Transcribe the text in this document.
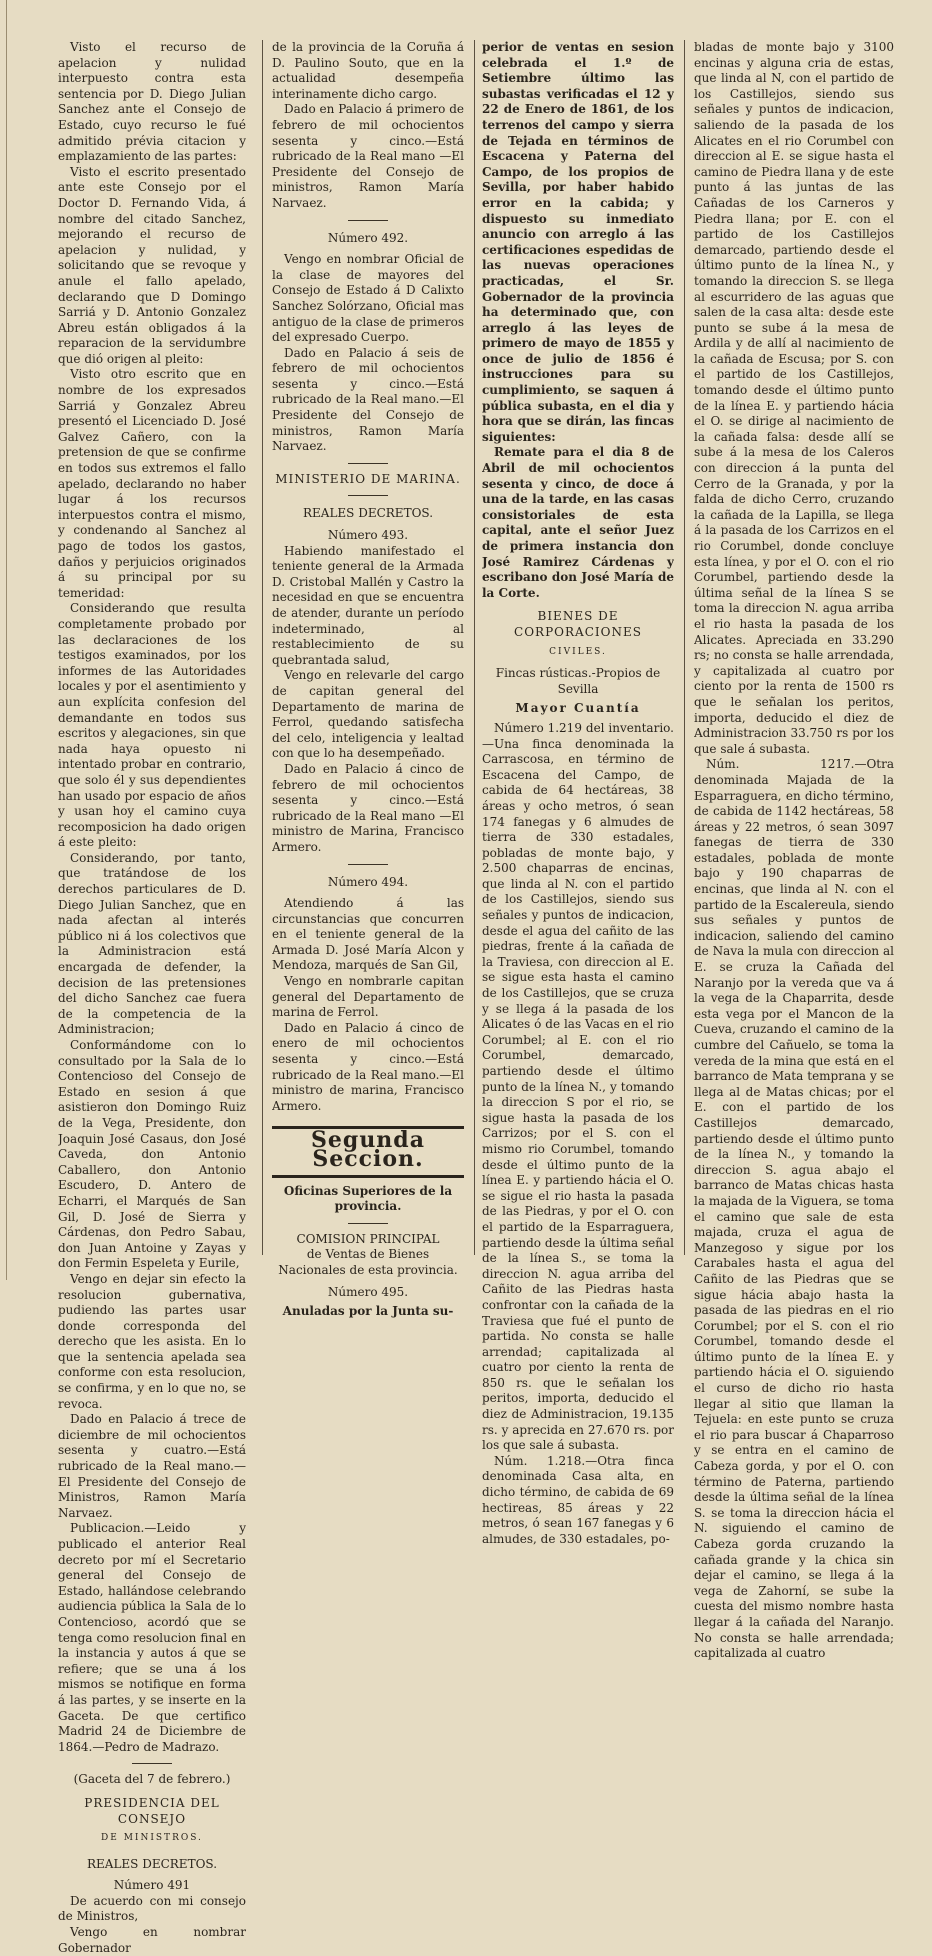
Visto el recurso de apelacion y nulidad interpuesto contra esta sentencia por D. Diego Julian Sanchez ante el Consejo de Estado, cuyo recurso le fué admitido prévia citacion y emplazamiento de las partes:

Visto el escrito presentado ante este Consejo por el Doctor D. Fernando Vida, á nombre del citado Sanchez, mejorando el recurso de apelacion y nulidad, y solicitando que se revoque y anule el fallo apelado, declarando que D Domingo Sarriá y D. Antonio Gonzalez Abreu están obligados á la reparacion de la servidumbre que dió origen al pleito:

Visto otro escrito que en nombre de los expresados Sarriá y Gonzalez Abreu presentó el Licenciado D. José Galvez Cañero, con la pretension de que se confirme en todos sus extremos el fallo apelado, declarando no haber lugar á los recursos interpuestos contra el mismo, y condenando al Sanchez al pago de todos los gastos, daños y perjuicios originados á su principal por su temeridad:

Considerando que resulta completamente probado por las declaraciones de los testigos examinados, por los informes de las Autoridades locales y por el asentimiento y aun explícita confesion del demandante en todos sus escritos y alegaciones, sin que nada haya opuesto ni intentado probar en contrario, que solo él y sus dependientes han usado por espacio de años y usan hoy el camino cuya recomposicion ha dado origen á este pleito:

Considerando, por tanto, que tratándose de los derechos particulares de D. Diego Julian Sanchez, que en nada afectan al interés público ni á los colectivos que la Administracion está encargada de defender, la decision de las pretensiones del dicho Sanchez cae fuera de la competencia de la Administracion;

Conformándome con lo consultado por la Sala de lo Contencioso del Consejo de Estado en sesion á que asistieron don Domingo Ruiz de la Vega, Presidente, don Joaquin José Casaus, don José Caveda, don Antonio Caballero, don Antonio Escudero, D. Antero de Echarri, el Marqués de San Gil, D. José de Sierra y Cárdenas, don Pedro Sabau, don Juan Antoine y Zayas y don Fermin Espeleta y Eurile,

Vengo en dejar sin efecto la resolucion gubernativa, pudiendo las partes usar donde corresponda del derecho que les asista. En lo que la sentencia apelada sea conforme con esta resolucion, se confirma, y en lo que no, se revoca.

Dado en Palacio á trece de diciembre de mil ochocientos sesenta y cuatro.—Está rubricado de la Real mano.—El Presidente del Consejo de Ministros, Ramon María Narvaez.

Publicacion.—Leido y publicado el anterior Real decreto por mí el Secretario general del Consejo de Estado, hallándose celebrando audiencia pública la Sala de lo Contencioso, acordó que se tenga como resolucion final en la instancia y autos á que se refiere; que se una á los mismos se notifique en forma á las partes, y se inserte en la Gaceta. De que certifico Madrid 24 de Diciembre de 1864.—Pedro de Madrazo.

(Gaceta del 7 de febrero.)

PRESIDENCIA DEL CONSEJO

DE MINISTROS.

REALES DECRETOS.

Número 491

De acuerdo con mi consejo de Ministros,

Vengo en nombrar Gobernador

de la provincia de la Coruña á D. Paulino Souto, que en la actualidad desempeña interinamente dicho cargo.

Dado en Palacio á primero de febrero de mil ochocientos sesenta y cinco.—Está rubricado de la Real mano —El Presidente del Consejo de ministros, Ramon María Narvaez.

Número 492.

Vengo en nombrar Oficial de la clase de mayores del Consejo de Estado á D Calixto Sanchez Solórzano, Oficial mas antiguo de la clase de primeros del expresado Cuerpo.

Dado en Palacio á seis de febrero de mil ochocientos sesenta y cinco.—Está rubricado de la Real mano.—El Presidente del Consejo de ministros, Ramon María Narvaez.

MINISTERIO DE MARINA.

REALES DECRETOS.

Número 493.

Habiendo manifestado el teniente general de la Armada D. Cristobal Mallén y Castro la necesidad en que se encuentra de atender, durante un período indeterminado, al restablecimiento de su quebrantada salud,

Vengo en relevarle del cargo de capitan general del Departamento de marina de Ferrol, quedando satisfecha del celo, inteligencia y lealtad con que lo ha desempeñado.

Dado en Palacio á cinco de febrero de mil ochocientos sesenta y cinco.—Está rubricado de la Real mano —El ministro de Marina, Francisco Armero.

Número 494.

Atendiendo á las circunstancias que concurren en el teniente general de la Armada D. José María Alcon y Mendoza, marqués de San Gil,

Vengo en nombrarle capitan general del Departamento de marina de Ferrol.

Dado en Palacio á cinco de enero de mil ochocientos sesenta y cinco.—Está rubricado de la Real mano.—El ministro de marina, Francisco Armero.

Segunda Seccion.

Oficinas Superiores de la provincia.

COMISION PRINCIPAL

de Ventas de Bienes Nacionales de esta provincia.

Número 495.

Anuladas por la Junta su-

perior de ventas en sesion celebrada el 1.º de Setiembre último las subastas verificadas el 12 y 22 de Enero de 1861, de los terrenos del campo y sierra de Tejada en términos de Escacena y Paterna del Campo, de los propios de Sevilla, por haber habido error en la cabida; y dispuesto su inmediato anuncio con arreglo á las certificaciones espedidas de las nuevas operaciones practicadas, el Sr. Gobernador de la provincia ha determinado que, con arreglo á las leyes de primero de mayo de 1855 y once de julio de 1856 é instrucciones para su cumplimiento, se saquen á pública subasta, en el dia y hora que se dirán, las fincas siguientes:

Remate para el dia 8 de Abril de mil ochocientos sesenta y cinco, de doce á una de la tarde, en las casas consistoriales de esta capital, ante el señor Juez de primera instancia don José Ramirez Cárdenas y escribano don José María de la Corte.

BIENES DE CORPORACIONES

CIVILES.

Fincas rústicas.-Propios de Sevilla

Mayor Cuantía

Número 1.219 del inventario.—Una finca denominada la Carrascosa, en término de Escacena del Campo, de cabida de 64 hectáreas, 38 áreas y ocho metros, ó sean 174 fanegas y 6 almudes de tierra de 330 estadales, pobladas de monte bajo, y 2.500 chaparras de encinas, que linda al N. con el partido de los Castillejos, siendo sus señales y puntos de indicacion, desde el agua del cañito de las piedras, frente á la cañada de la Traviesa, con direccion al E. se sigue esta hasta el camino de los Castillejos, que se cruza y se llega á la pasada de los Alicates ó de las Vacas en el rio Corumbel; al E. con el rio Corumbel, demarcado, partiendo desde el último punto de la línea N., y tomando la direccion S por el rio, se sigue hasta la pasada de los Carrizos; por el S. con el mismo rio Corumbel, tomando desde el último punto de la línea E. y partiendo hácia el O. se sigue el rio hasta la pasada de las Piedras, y por el O. con el partido de la Esparraguera, partiendo desde la última señal de la línea S., se toma la direccion N. agua arriba del Cañito de las Piedras hasta confrontar con la cañada de la Traviesa que fué el punto de partida. No consta se halle arrendad; capitalizada al cuatro por ciento la renta de 850 rs. que le señalan los peritos, importa, deducido el diez de Administracion, 19.135 rs. y aprecida en 27.670 rs. por los que sale á subasta.

Núm. 1.218.—Otra finca denominada Casa alta, en dicho término, de cabida de 69 hectireas, 85 áreas y 22 metros, ó sean 167 fanegas y 6 almudes, de 330 estadales, po-

bladas de monte bajo y 3100 encinas y alguna cria de estas, que linda al N, con el partido de los Castillejos, siendo sus señales y puntos de indicacion, saliendo de la pasada de los Alicates en el rio Corumbel con direccion al E. se sigue hasta el camino de Piedra llana y de este punto á las juntas de las Cañadas de los Carneros y Piedra llana; por E. con el partido de los Castillejos demarcado, partiendo desde el último punto de la línea N., y tomando la direccion S. se llega al escurridero de las aguas que salen de la casa alta: desde este punto se sube á la mesa de Ardila y de allí al nacimiento de la cañada de Escusa; por S. con el partido de los Castillejos, tomando desde el último punto de la línea E. y partiendo hácia el O. se dirige al nacimiento de la cañada falsa: desde allí se sube á la mesa de los Caleros con direccion á la punta del Cerro de la Granada, y por la falda de dicho Cerro, cruzando la cañada de la Lapilla, se llega á la pasada de los Carrizos en el rio Corumbel, donde concluye esta línea, y por el O. con el rio Corumbel, partiendo desde la última señal de la línea S se toma la direccion N. agua arriba el rio hasta la pasada de los Alicates. Apreciada en 33.290 rs; no consta se halle arrendada, y capitalizada al cuatro por ciento por la renta de 1500 rs que le señalan los peritos, importa, deducido el diez de Administracion 33.750 rs por los que sale á subasta.

Núm. 1217.—Otra denominada Majada de la Esparraguera, en dicho término, de cabida de 1142 hectáreas, 58 áreas y 22 metros, ó sean 3097 fanegas de tierra de 330 estadales, poblada de monte bajo y 190 chaparras de encinas, que linda al N. con el partido de la Escalereula, siendo sus señales y puntos de indicacion, saliendo del camino de Nava la mula con direccion al E. se cruza la Cañada del Naranjo por la vereda que va á la vega de la Chaparrita, desde esta vega por el Mancon de la Cueva, cruzando el camino de la cumbre del Cañuelo, se toma la vereda de la mina que está en el barranco de Mata temprana y se llega al de Matas chicas; por el E. con el partido de los Castillejos demarcado, partiendo desde el último punto de la línea N., y tomando la direccion S. agua abajo el barranco de Matas chicas hasta la majada de la Viguera, se toma el camino que sale de esta majada, cruza el agua de Manzegoso y sigue por los Carabales hasta el agua del Cañito de las Piedras que se sigue hácia abajo hasta la pasada de las piedras en el rio Corumbel; por el S. con el rio Corumbel, tomando desde el último punto de la línea E. y partiendo hácia el O. siguiendo el curso de dicho rio hasta llegar al sitio que llaman la Tejuela: en este punto se cruza el rio para buscar á Chaparroso y se entra en el camino de Cabeza gorda, y por el O. con término de Paterna, partiendo desde la última señal de la línea S. se toma la direccion hácia el N. siguiendo el camino de Cabeza gorda cruzando la cañada grande y la chica sin dejar el camino, se llega á la vega de Zahorní, se sube la cuesta del mismo nombre hasta llegar á la cañada del Naranjo. No consta se halle arrendada; capitalizada al cuatro
